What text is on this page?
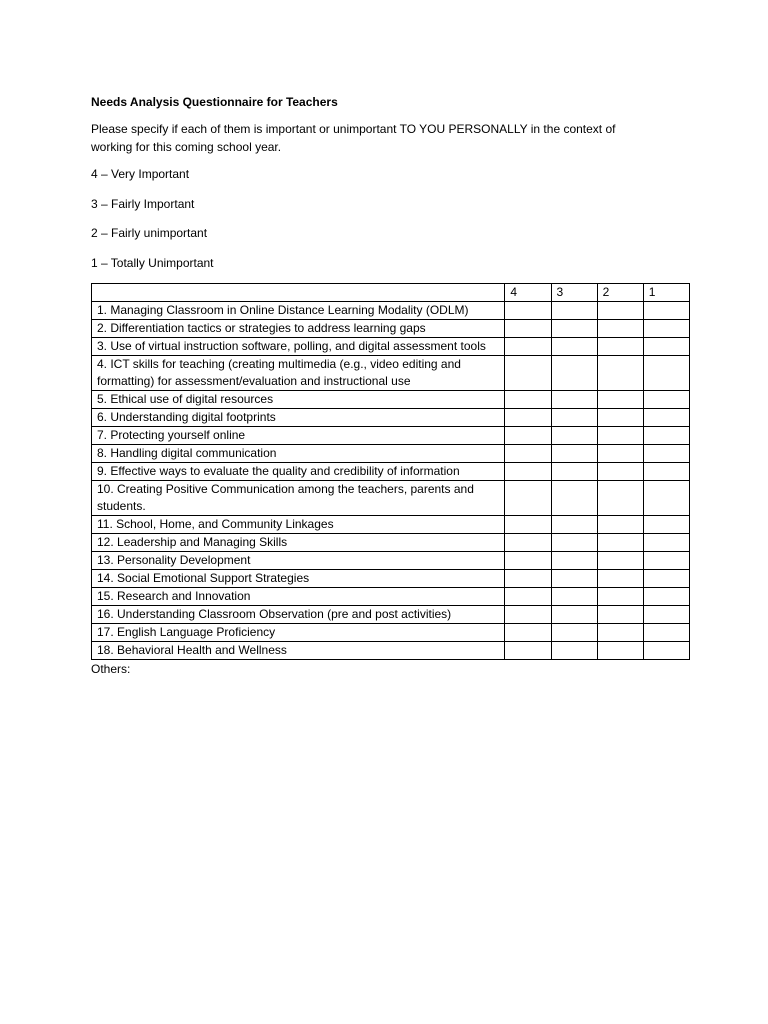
Needs Analysis Questionnaire for Teachers
Please specify if each of them is important or unimportant TO YOU PERSONALLY in the context of working for this coming school year.
4 – Very Important
3 – Fairly Important
2 – Fairly unimportant
1 – Totally Unimportant
	4	3	2	1
1. Managing Classroom in Online Distance Learning Modality (ODLM)				
2. Differentiation tactics or strategies to address learning gaps				
3. Use of virtual instruction software, polling, and digital assessment tools				
4. ICT skills for teaching (creating multimedia (e.g., video editing and formatting) for assessment/evaluation and instructional use				
5. Ethical use of digital resources				
6. Understanding digital footprints				
7. Protecting yourself online				
8. Handling digital communication				
9. Effective ways to evaluate the quality and credibility of information				
10. Creating Positive Communication among the teachers, parents and students.				
11. School, Home, and Community Linkages				
12. Leadership and Managing Skills				
13. Personality Development				
14. Social Emotional Support Strategies				
15. Research and Innovation				
16. Understanding Classroom Observation (pre and post activities)				
17. English Language Proficiency				
18. Behavioral Health and Wellness				
Others:
